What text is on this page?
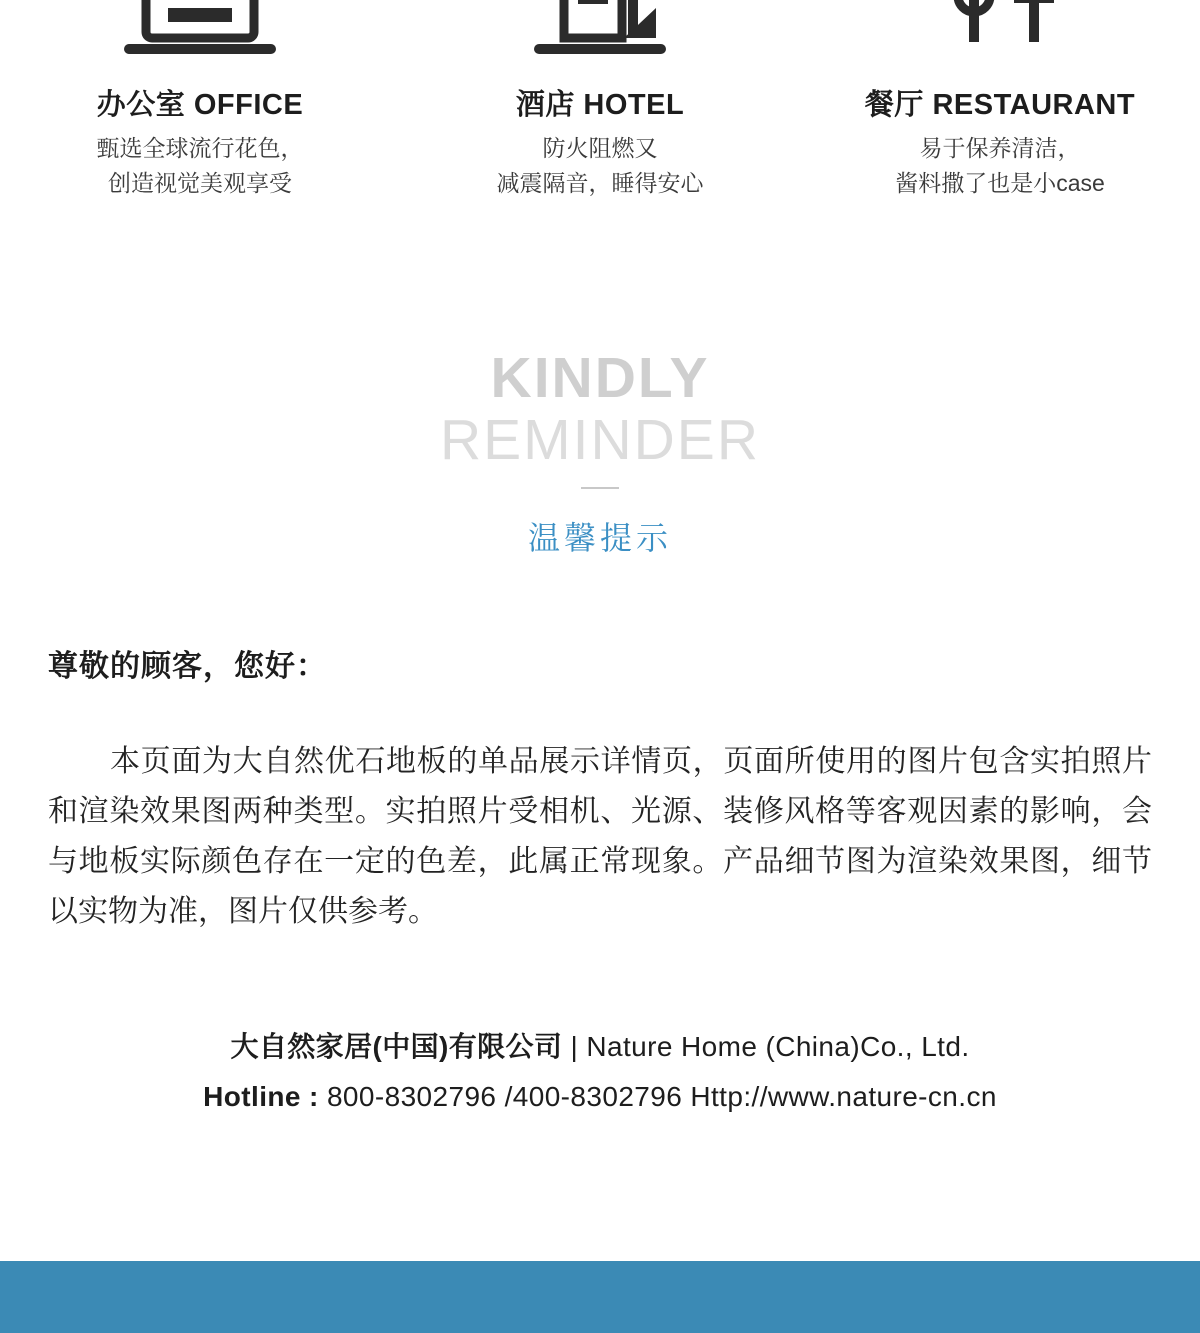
办公室 OFFICE
甄选全球流行花色，
创造视觉美观享受
酒店 HOTEL
防火阻燃又
减震隔音，睡得安心
餐厅 RESTAURANT
易于保养清洁，
酱料撒了也是小case
KINDLY
REMINDER
温馨提示
尊敬的顾客，您好：
本页面为大自然优石地板的单品展示详情页，页面所使用的图片包含实拍照片和渲染效果图两种类型。实拍照片受相机、光源、装修风格等客观因素的影响，会与地板实际颜色存在一定的色差，此属正常现象。产品细节图为渲染效果图，细节以实物为准，图片仅供参考。
大自然家居(中国)有限公司 | Nature Home (China)Co., Ltd.
Hotline : 800-8302796 /400-8302796 Http://www.nature-cn.cn
